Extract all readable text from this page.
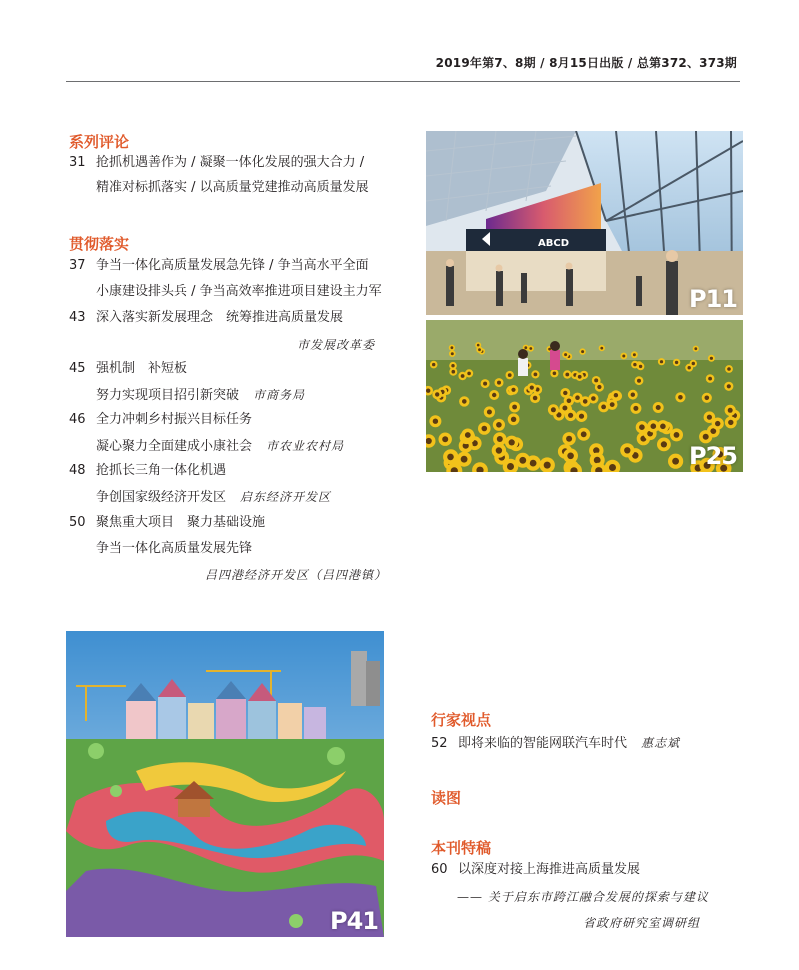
2019年第7、8期 / 8月15日出版 / 总第372、373期
系列评论
31 抢抓机遇善作为 / 凝聚一体化发展的强大合力 /
精准对标抓落实 / 以高质量党建推动高质量发展
贯彻落实
37 争当一体化高质量发展急先锋 / 争当高水平全面
小康建设排头兵 / 争当高效率推进项目建设主力军
43 深入落实新发展理念　统筹推进高质量发展
市发展改革委
45 强机制　补短板
努力实现项目招引新突破 市商务局
46 全力冲刺乡村振兴目标任务
凝心聚力全面建成小康社会 市农业农村局
48 抢抓长三角一体化机遇
争创国家级经济开发区 启东经济开发区
50 聚焦重大项目　聚力基础设施
争当一体化高质量发展先锋
吕四港经济开发区（吕四港镇）
行家视点
52 即将来临的智能网联汽车时代 惠志斌
读图
本刊特稿
60 以深度对接上海推进高质量发展
—— 关于启东市跨江融合发展的探索与建议
省政府研究室调研组
ABCD
P11
P25
P41
